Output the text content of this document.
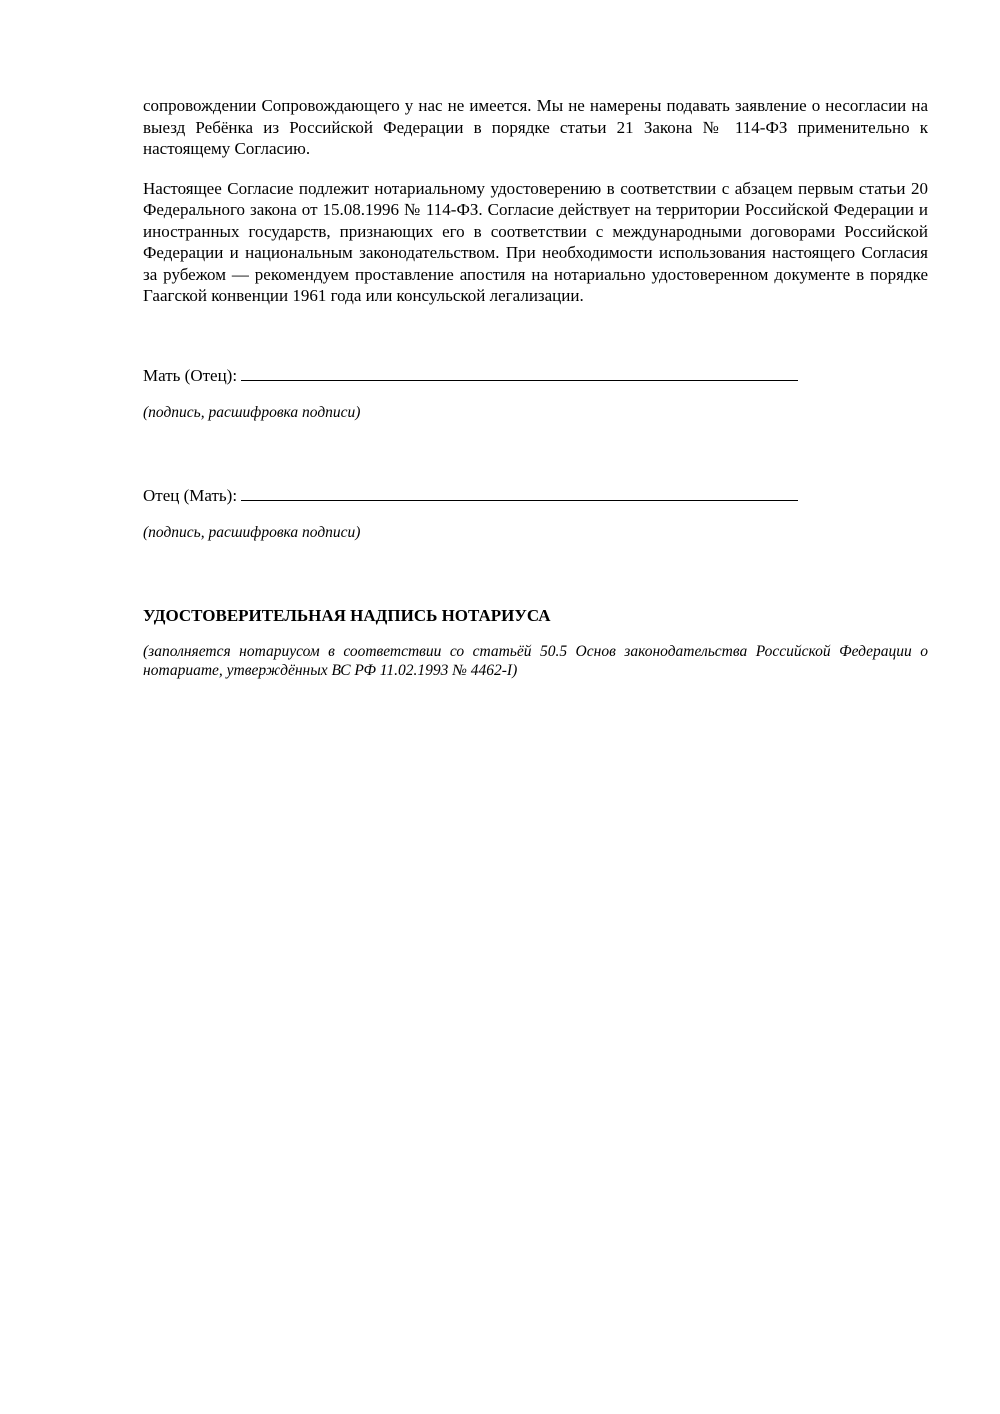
сопровождении Сопровождающего у нас не имеется. Мы не намерены подавать заявление о несогласии на выезд Ребёнка из Российской Федерации в порядке статьи 21 Закона № 114-ФЗ применительно к настоящему Согласию.

Настоящее Согласие подлежит нотариальному удостоверению в соответствии с абзацем первым статьи 20 Федерального закона от 15.08.1996 № 114-ФЗ. Согласие действует на территории Российской Федерации и иностранных государств, признающих его в соответствии с международными договорами Российской Федерации и национальным законодательством. При необходимости использования настоящего Согласия за рубежом — рекомендуем проставление апостиля на нотариально удостоверенном документе в порядке Гаагской конвенции 1961 года или консульской легализации.

Мать (Отец):

(подпись, расшифровка подписи)

Отец (Мать):

(подпись, расшифровка подписи)

УДОСТОВЕРИТЕЛЬНАЯ НАДПИСЬ НОТАРИУСА

(заполняется нотариусом в соответствии со статьёй 50.5 Основ законодательства Российской Федерации о нотариате, утверждённых ВС РФ 11.02.1993 № 4462-I)
